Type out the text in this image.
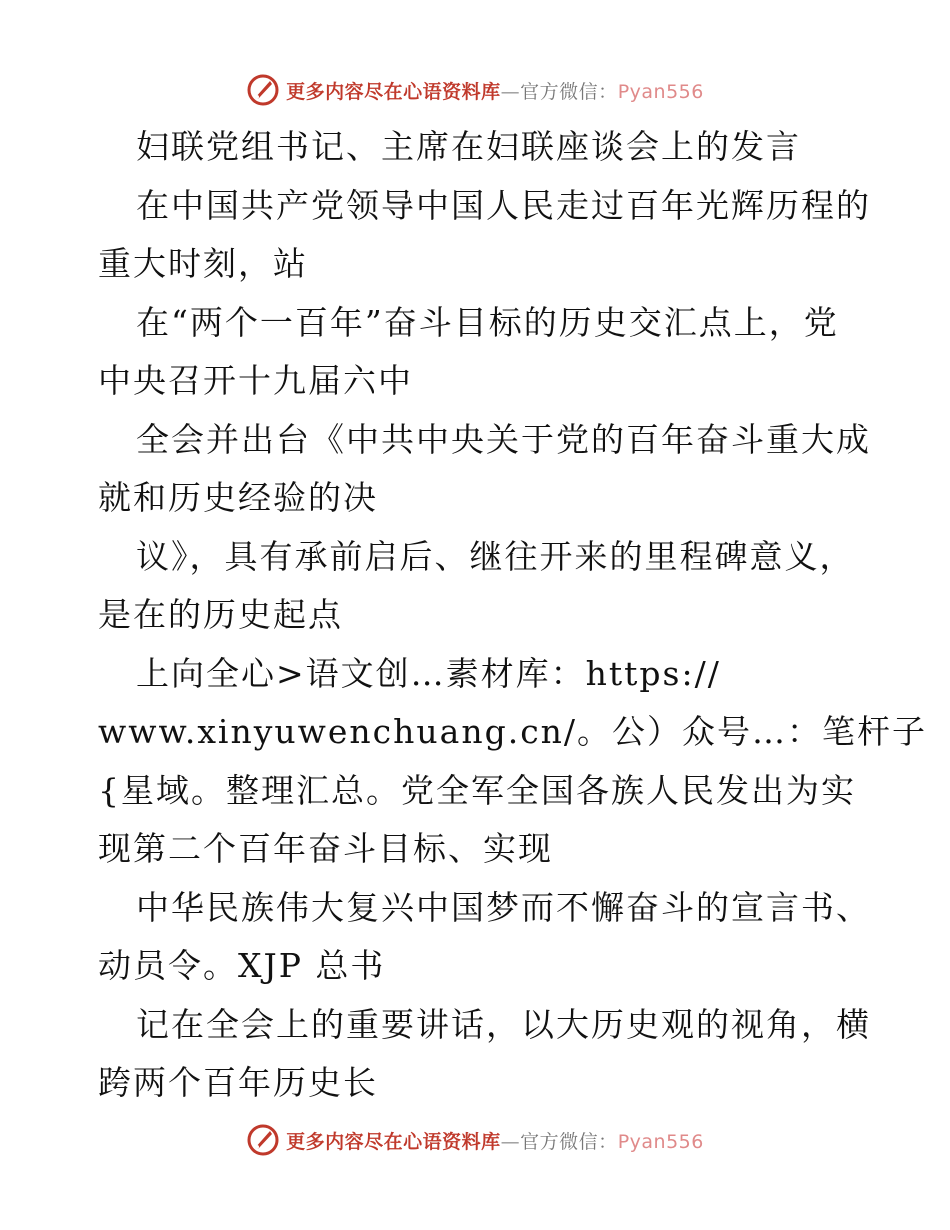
更多内容尽在心语资料库—官方微信：Pyan556
妇联党组书记、主席在妇联座谈会上的发言
在中国共产党领导中国人民走过百年光辉历程的
重大时刻，站
在“两个一百年”奋斗目标的历史交汇点上，党
中央召开十九届六中
全会并出台《中共中央关于党的百年奋斗重大成
就和历史经验的决
议》，具有承前启后、继往开来的里程碑意义，
是在的历史起点
上向全心>语文创…素材库：https://
www.xinyuwenchuang.cn/。公）众号…：笔杆子
{星域。整理汇总。党全军全国各族人民发出为实
现第二个百年奋斗目标、实现
中华民族伟大复兴中国梦而不懈奋斗的宣言书、
动员令。XJP 总书
记在全会上的重要讲话，以大历史观的视角，横
跨两个百年历史长
更多内容尽在心语资料库—官方微信：Pyan556
